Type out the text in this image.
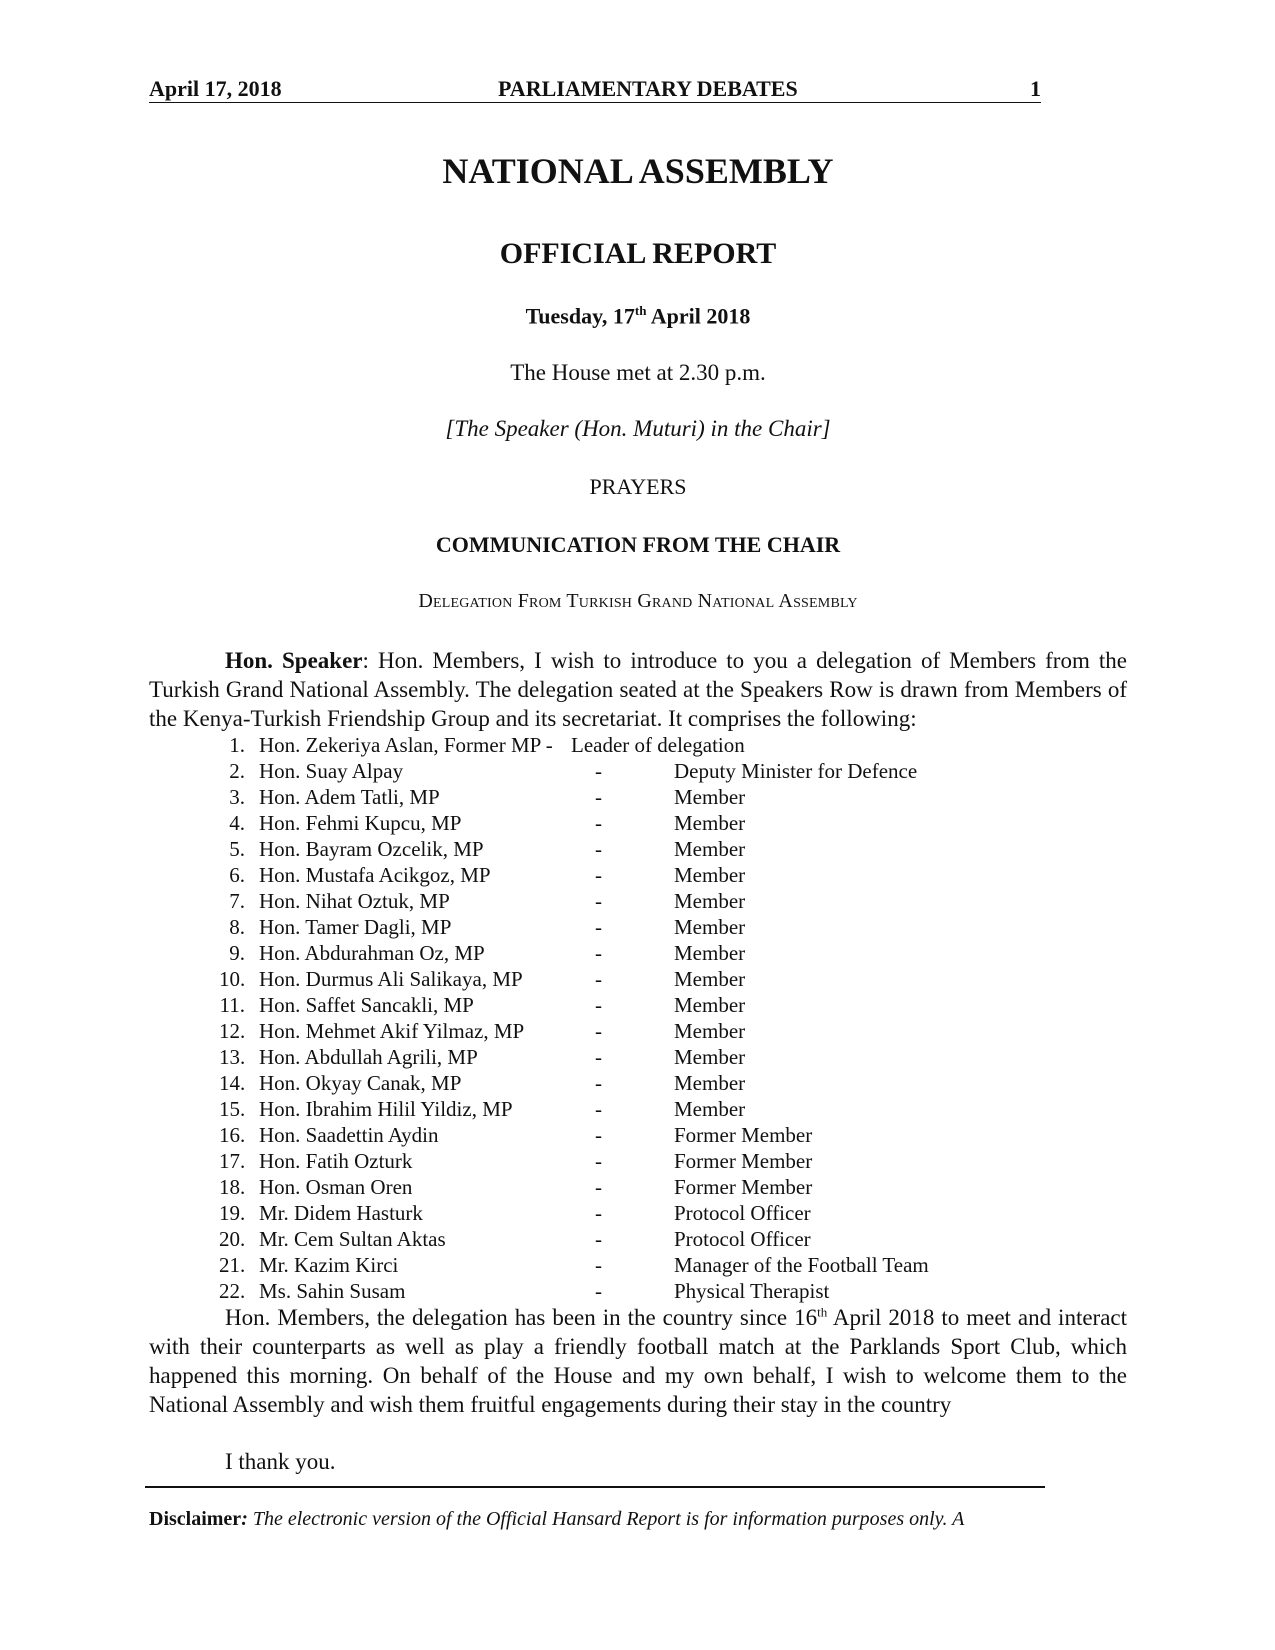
April 17, 2018	PARLIAMENTARY DEBATES	1
NATIONAL ASSEMBLY
OFFICIAL REPORT
Tuesday, 17th April 2018
The House met at 2.30 p.m.
[The Speaker (Hon. Muturi) in the Chair]
PRAYERS
COMMUNICATION FROM THE CHAIR
Delegation From Turkish Grand National Assembly
Hon. Speaker: Hon. Members, I wish to introduce to you a delegation of Members from the Turkish Grand National Assembly. The delegation seated at the Speakers Row is drawn from Members of the Kenya-Turkish Friendship Group and its secretariat. It comprises the following:
1. Hon. Zekeriya Aslan, Former MP - Leader of delegation
2. Hon. Suay Alpay	-	Deputy Minister for Defence
3. Hon. Adem Tatli, MP	-	Member
4. Hon. Fehmi Kupcu, MP	-	Member
5. Hon. Bayram Ozcelik, MP	-	Member
6. Hon. Mustafa Acikgoz, MP	-	Member
7. Hon. Nihat Oztuk, MP	-	Member
8. Hon. Tamer Dagli, MP	-	Member
9. Hon. Abdurahman Oz, MP	-	Member
10. Hon. Durmus Ali Salikaya, MP	-	Member
11. Hon. Saffet Sancakli, MP	-	Member
12. Hon. Mehmet Akif Yilmaz, MP	-	Member
13. Hon. Abdullah Agrili, MP	-	Member
14. Hon. Okyay Canak, MP	-	Member
15. Hon. Ibrahim Hilil Yildiz, MP	-	Member
16. Hon. Saadettin Aydin	-	Former Member
17. Hon. Fatih Ozturk	-	Former Member
18. Hon. Osman Oren	-	Former Member
19. Mr. Didem Hasturk	-	Protocol Officer
20. Mr. Cem Sultan Aktas	-	Protocol Officer
21. Mr. Kazim Kirci	-	Manager of the Football Team
22. Ms. Sahin Susam	-	Physical Therapist
Hon. Members, the delegation has been in the country since 16th April 2018 to meet and interact with their counterparts as well as play a friendly football match at the Parklands Sport Club, which happened this morning. On behalf of the House and my own behalf, I wish to welcome them to the National Assembly and wish them fruitful engagements during their stay in the country
I thank you.
Disclaimer: The electronic version of the Official Hansard Report is for information purposes only. A
